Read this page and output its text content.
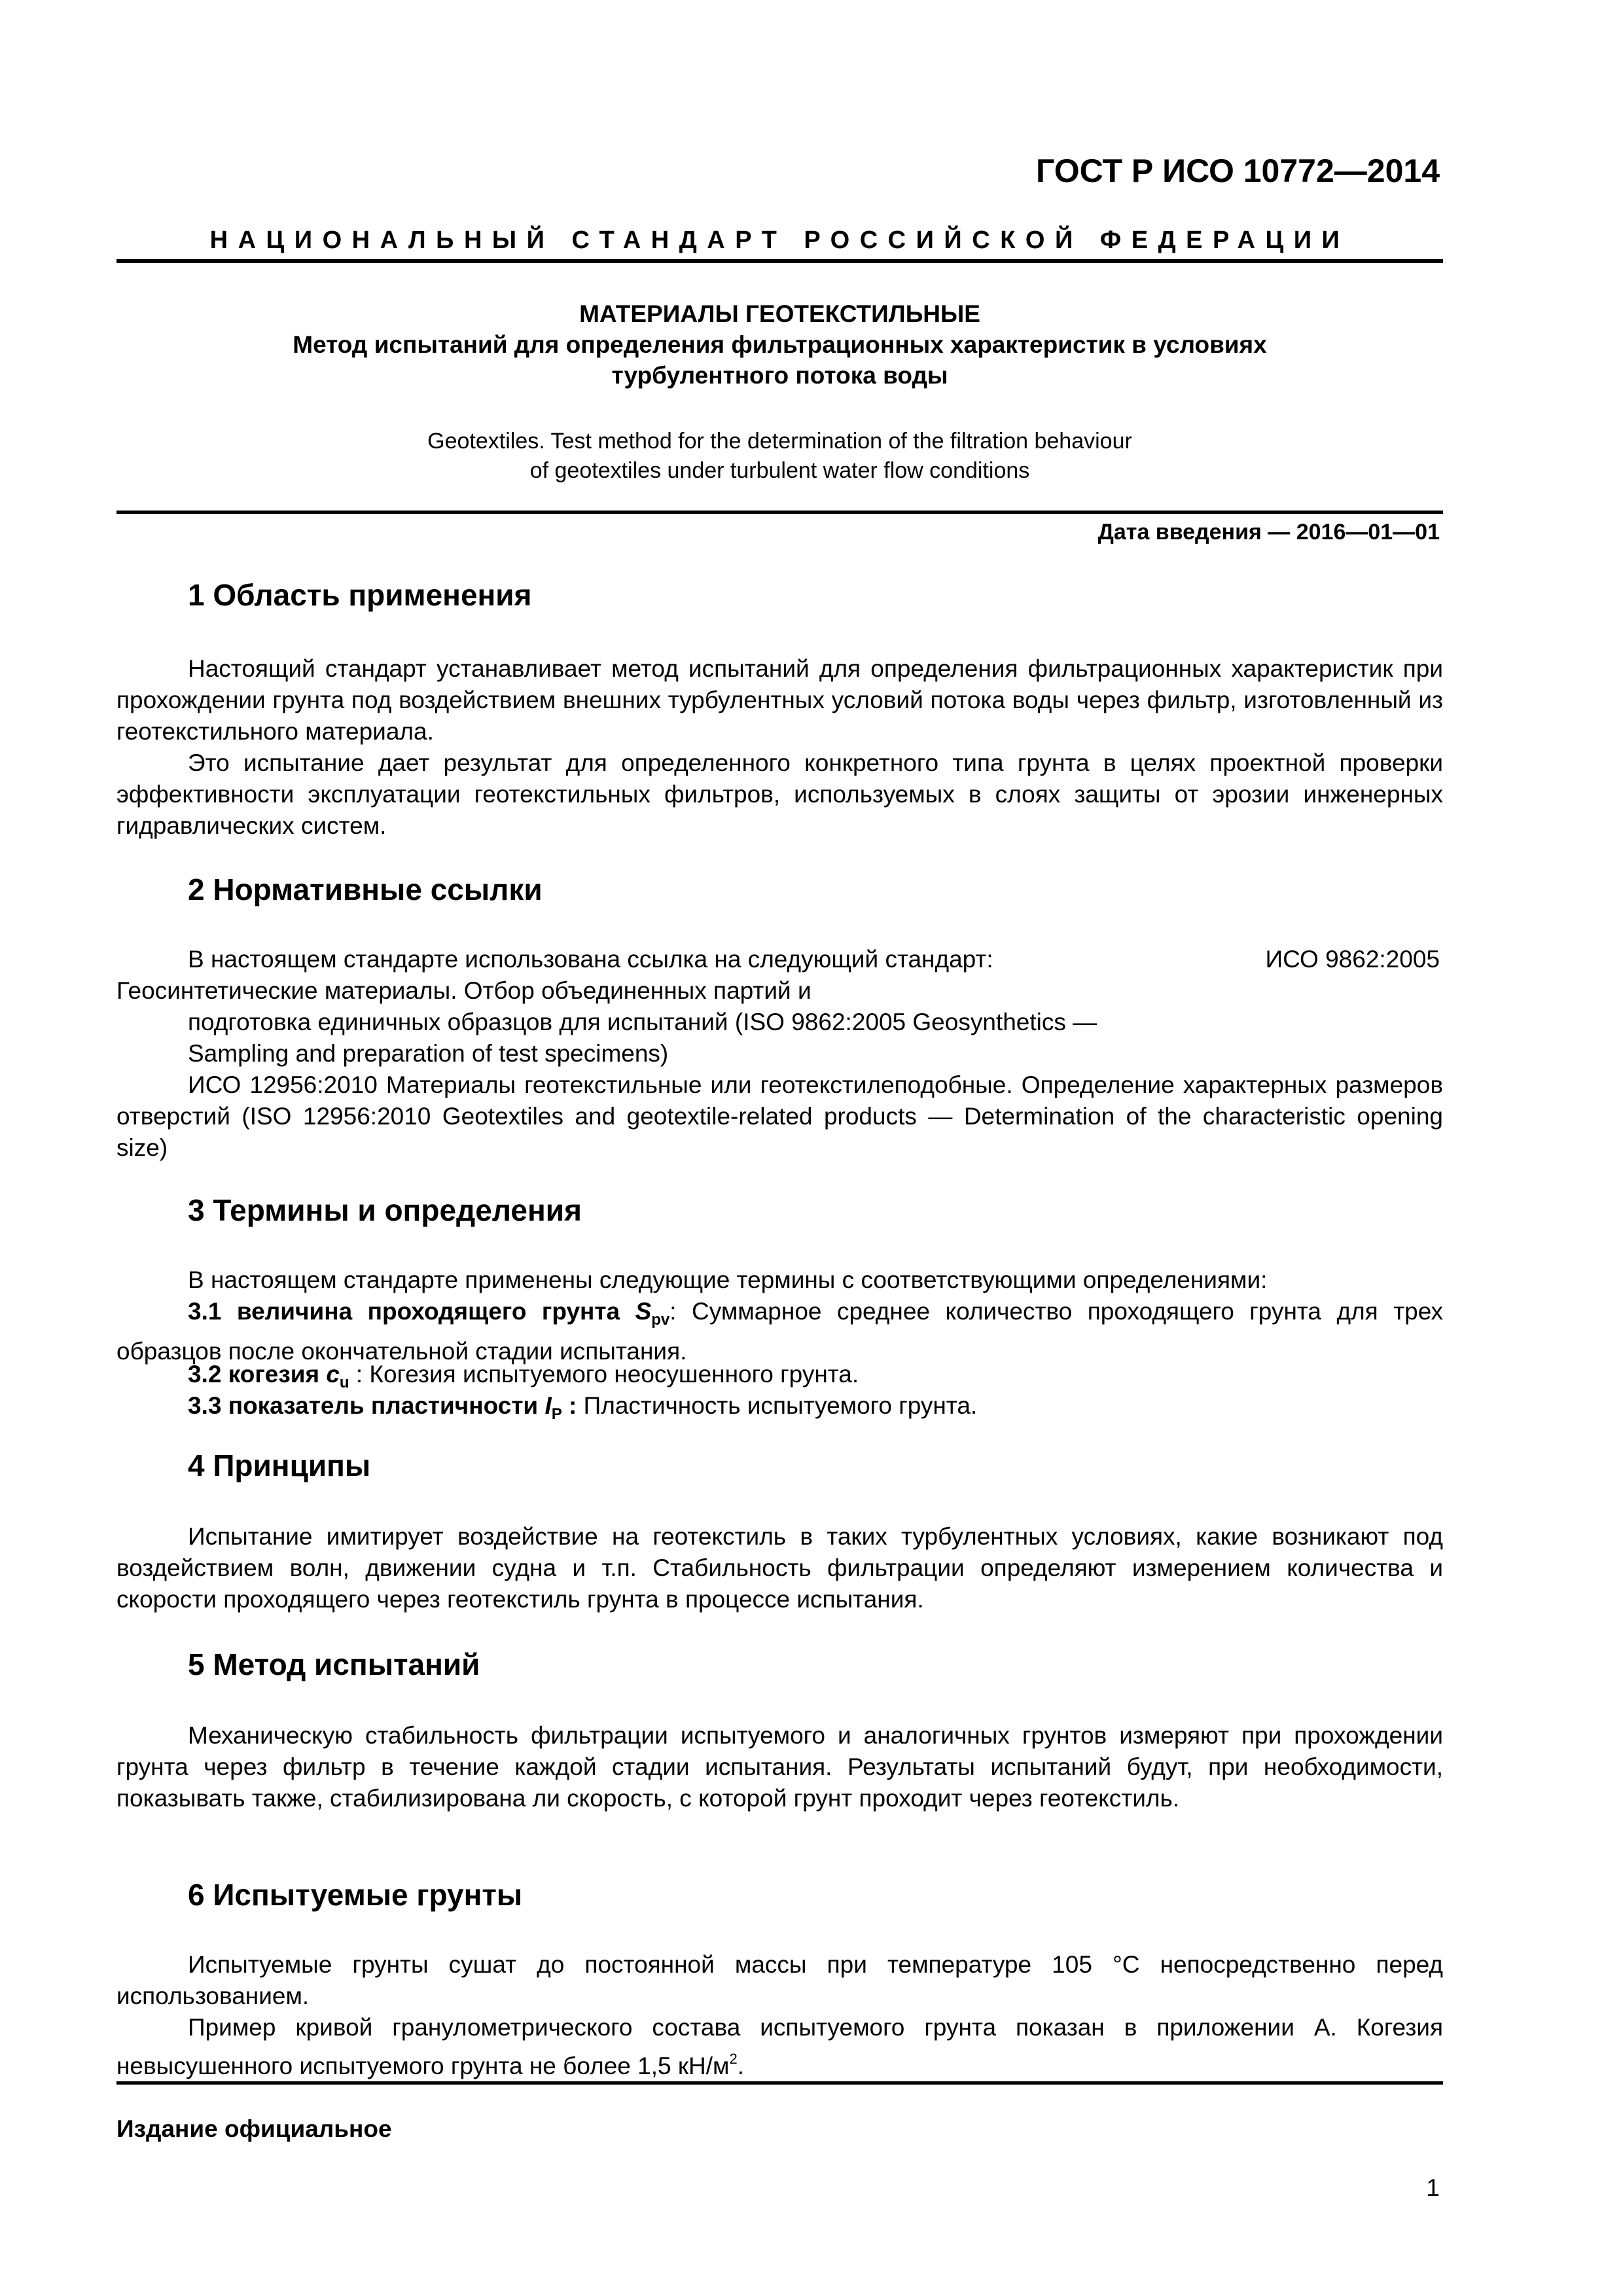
ГОСТ Р ИСО 10772—2014
НАЦИОНАЛЬНЫЙ СТАНДАРТ РОССИЙСКОЙ ФЕДЕРАЦИИ
МАТЕРИАЛЫ ГЕОТЕКСТИЛЬНЫЕ
Метод испытаний для определения фильтрационных характеристик в условиях
турбулентного потока воды
Geotextiles. Test method for the determination of the filtration behaviour
of geotextiles under turbulent water flow conditions
Дата введения — 2016—01—01
1 Область применения
Настоящий стандарт устанавливает метод испытаний для определения фильтрационных характеристик при прохождении грунта под воздействием внешних турбулентных условий потока воды через фильтр, изготовленный из геотекстильного материала.
Это испытание дает результат для определенного конкретного типа грунта в целях проектной проверки эффективности эксплуатации геотекстильных фильтров, используемых в слоях защиты от эрозии инженерных гидравлических систем.
2 Нормативные ссылки
В настоящем стандарте использована ссылка на следующий стандарт:	ИСО 9862:2005
Геосинтетические материалы. Отбор объединенных партий и
подготовка единичных образцов для испытаний (ISO 9862:2005 Geosynthetics —
Sampling and preparation of test specimens)
ИСО 12956:2010 Материалы геотекстильные или геотекстилеподобные. Определение характерных размеров отверстий (ISO 12956:2010 Geotextiles and geotextile-related products — Determination of the characteristic opening size)
3 Термины и определения
В настоящем стандарте применены следующие термины с соответствующими определениями:
3.1 величина проходящего грунта $S_{pv}$: Суммарное среднее количество проходящего грунта для трех образцов после окончательной стадии испытания.
3.2 когезия $c_u$ : Когезия испытуемого неосушенного грунта.
3.3 показатель пластичности $I_P$ : Пластичность испытуемого грунта.
4 Принципы
Испытание имитирует воздействие на геотекстиль в таких турбулентных условиях, какие возникают под воздействием волн, движении судна и т.п. Стабильность фильтрации определяют измерением количества и скорости проходящего через геотекстиль грунта в процессе испытания.
5 Метод испытаний
Механическую стабильность фильтрации испытуемого и аналогичных грунтов измеряют при прохождении грунта через фильтр в течение каждой стадии испытания. Результаты испытаний будут, при необходимости, показывать также, стабилизирована ли скорость, с которой грунт проходит через геотекстиль.
6 Испытуемые грунты
Испытуемые грунты сушат до постоянной массы при температуре 105 °С непосредственно перед использованием.
Пример кривой гранулометрического состава испытуемого грунта показан в приложении А. Когезия невысушенного испытуемого грунта не более 1,5 $кН/м^2$.
Издание официальное
1
